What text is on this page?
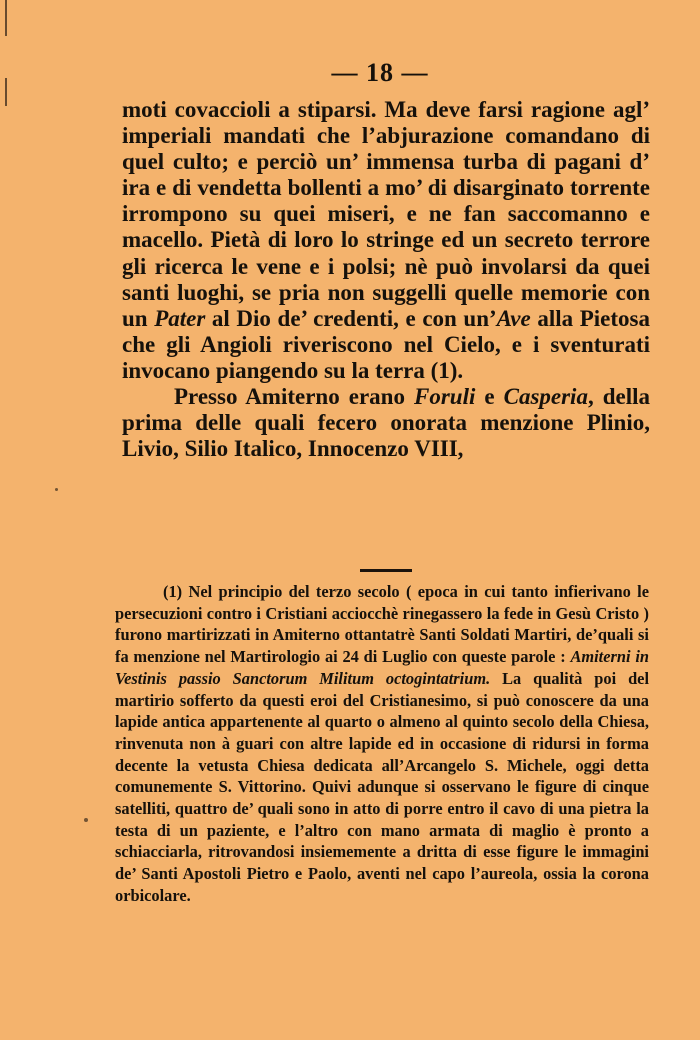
— 18 —

moti covaccioli a stiparsi. Ma deve farsi ragione agl’ imperiali mandati che l’abjurazione comandano di quel culto; e perciò un’ immensa turba di pagani d’ ira e di vendetta bollenti a mo’ di disarginato torrente irrompono su quei miseri, e ne fan saccomanno e macello. Pietà di loro lo stringe ed un secreto terrore gli ricerca le vene e i polsi; nè può involarsi da quei santi luoghi, se pria non suggelli quelle memorie con un Pater al Dio de’ credenti, e con un’Ave alla Pietosa che gli Angioli riveriscono nel Cielo, e i sventurati invocano piangendo su la terra (1).

Presso Amiterno erano Foruli e Casperia, della prima delle quali fecero onorata menzione Plinio, Livio, Silio Italico, Innocenzo VIII,

(1) Nel principio del terzo secolo ( epoca in cui tanto infierivano le persecuzioni contro i Cristiani acciocchè rinegassero la fede in Gesù Cristo ) furono martirizzati in Amiterno ottantatrè Santi Soldati Martiri, de’quali si fa menzione nel Martirologio ai 24 di Luglio con queste parole : Amiterni in Vestinis passio Sanctorum Militum octogintatrium. La qualità poi del martirio sofferto da questi eroi del Cristianesimo, si può conoscere da una lapide antica appartenente al quarto o almeno al quinto secolo della Chiesa, rinvenuta non à guari con altre lapide ed in occasione di ridursi in forma decente la vetusta Chiesa dedicata all’Arcangelo S. Michele, oggi detta comunemente S. Vittorino. Quivi adunque si osservano le figure di cinque satelliti, quattro de’ quali sono in atto di porre entro il cavo di una pietra la testa di un paziente, e l’altro con mano armata di maglio è pronto a schiacciarla, ritrovandosi insiememente a dritta di esse figure le immagini de’ Santi Apostoli Pietro e Paolo, aventi nel capo l’aureola, ossia la corona orbicolare.
